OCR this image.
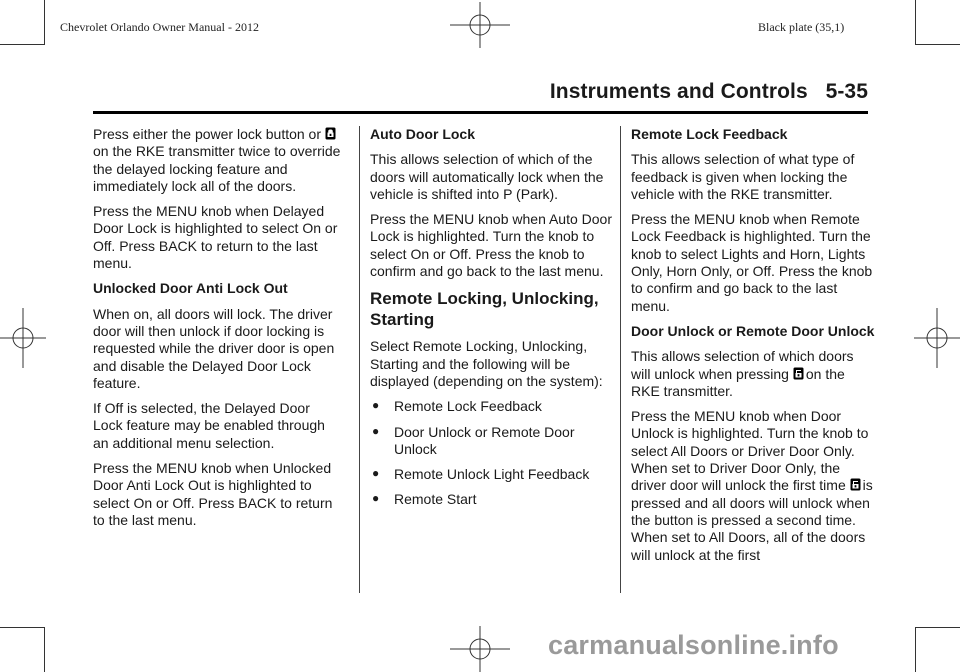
Chevrolet Orlando Owner Manual - 2012	Black plate (35,1)
Instruments and Controls 5-35

Press either the power lock button or on the RKE transmitter twice to override the delayed locking feature and immediately lock all of the doors.

Press the MENU knob when Delayed Door Lock is highlighted to select On or Off. Press BACK to return to the last menu.

Unlocked Door Anti Lock Out

When on, all doors will lock. The driver door will then unlock if door locking is requested while the driver door is open and disable the Delayed Door Lock feature.

If Off is selected, the Delayed Door Lock feature may be enabled through an additional menu selection.

Press the MENU knob when Unlocked Door Anti Lock Out is highlighted to select On or Off. Press BACK to return to the last menu.

Auto Door Lock

This allows selection of which of the doors will automatically lock when the vehicle is shifted into P (Park).

Press the MENU knob when Auto Door Lock is highlighted. Turn the knob to select On or Off. Press the knob to confirm and go back to the last menu.

Remote Locking, Unlocking, Starting

Select Remote Locking, Unlocking, Starting and the following will be displayed (depending on the system):

● Remote Lock Feedback
● Door Unlock or Remote Door Unlock
● Remote Unlock Light Feedback
● Remote Start

Remote Lock Feedback

This allows selection of what type of feedback is given when locking the vehicle with the RKE transmitter.

Press the MENU knob when Remote Lock Feedback is highlighted. Turn the knob to select Lights and Horn, Lights Only, Horn Only, or Off. Press the knob to confirm and go back to the last menu.

Door Unlock or Remote Door Unlock

This allows selection of which doors will unlock when pressing on the RKE transmitter.

Press the MENU knob when Door Unlock is highlighted. Turn the knob to select All Doors or Driver Door Only. When set to Driver Door Only, the driver door will unlock the first time is pressed and all doors will unlock when the button is pressed a second time. When set to All Doors, all of the doors will unlock at the first

carmanualsonline.info
